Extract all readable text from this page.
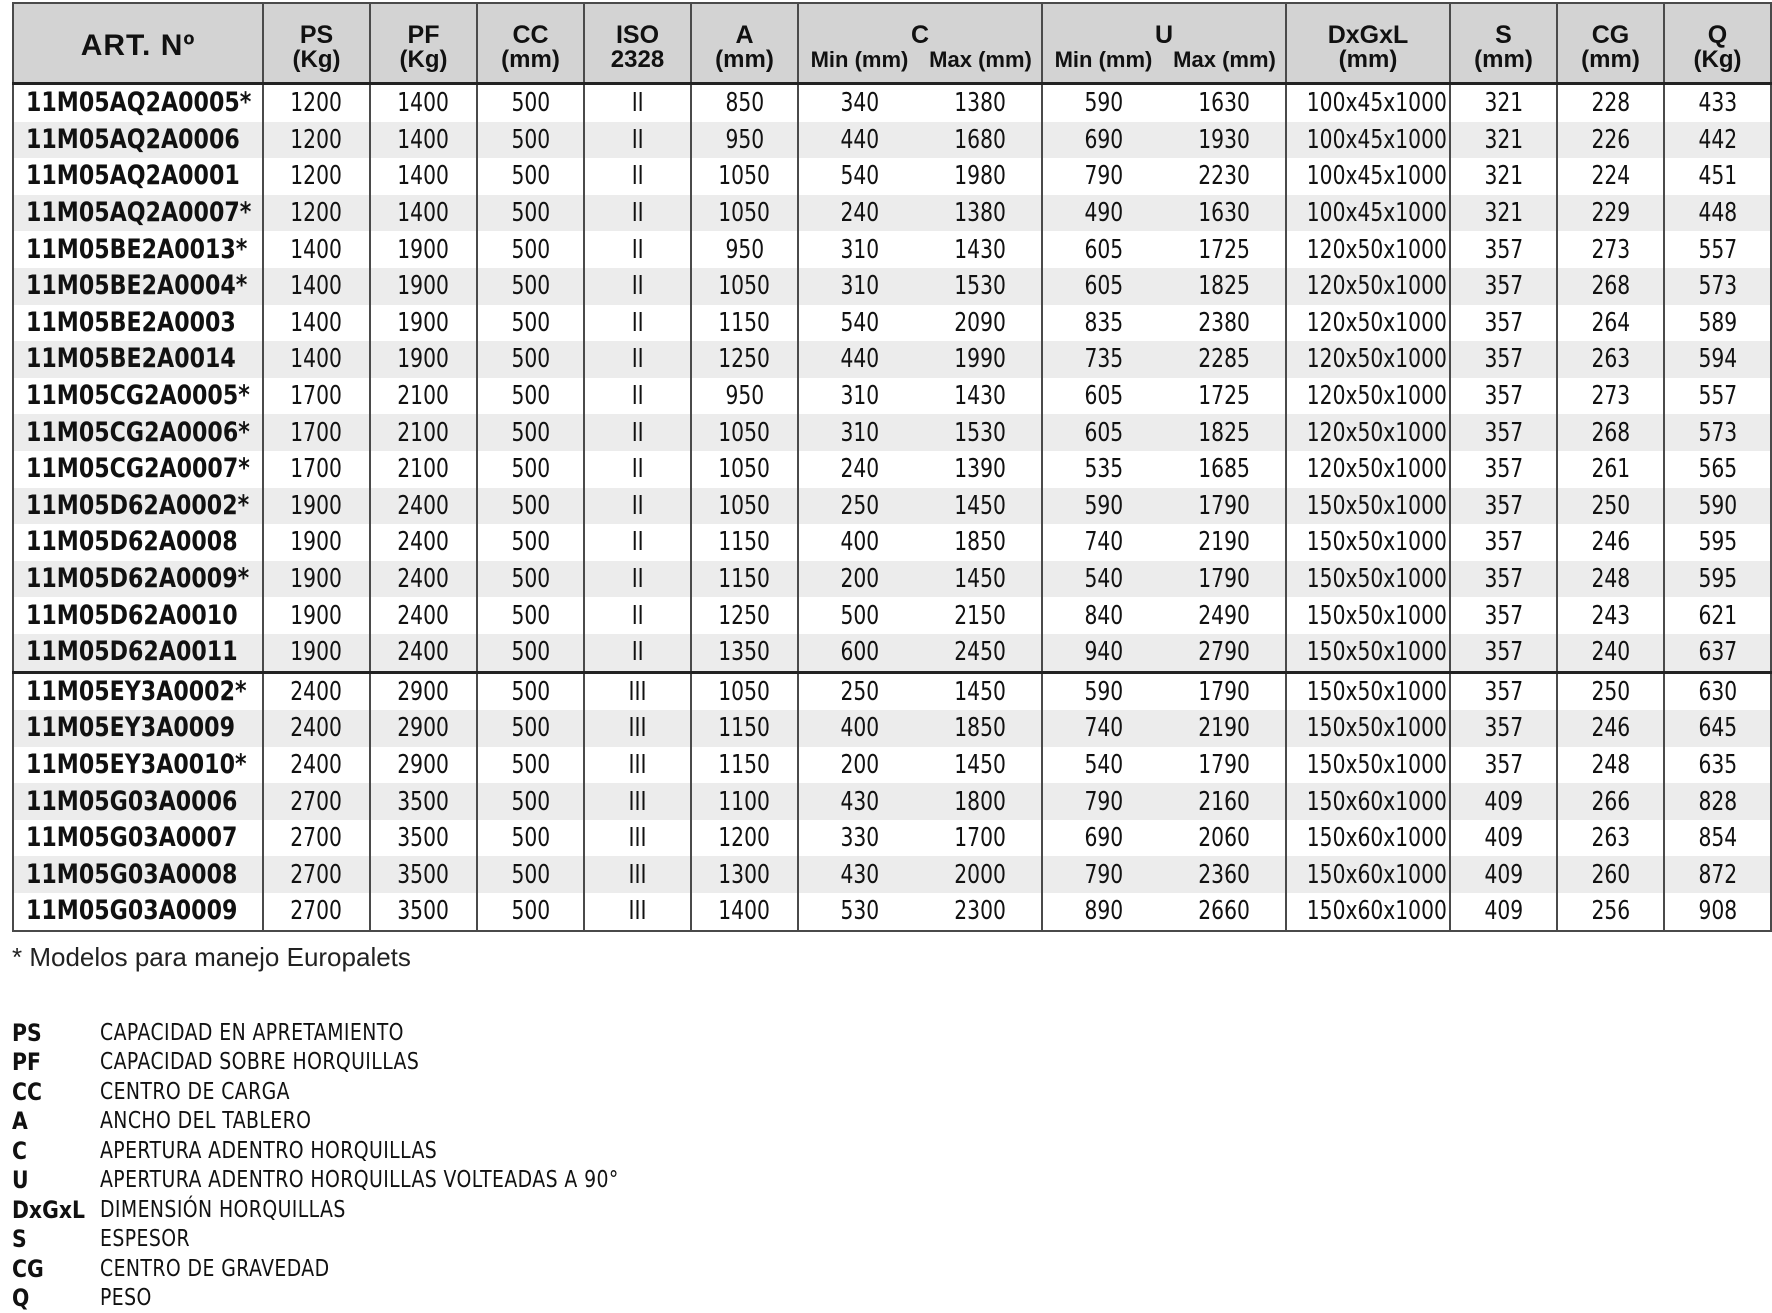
ART. Nº	PS	PF	CC	ISO	A	C		U		DxGxL	S	CG	Q
	(Kg)	(Kg)	(mm)	2328	(mm)	Min (mm)	Max (mm)	Min (mm)	Max (mm)	(mm)	(mm)	(mm)	(Kg)
11M05AQ2A0005*	1200	1400	500	II	850	340	1380	590	1630	100x45x1000	321	228	433
11M05AQ2A0006	1200	1400	500	II	950	440	1680	690	1930	100x45x1000	321	226	442
11M05AQ2A0001	1200	1400	500	II	1050	540	1980	790	2230	100x45x1000	321	224	451
11M05AQ2A0007*	1200	1400	500	II	1050	240	1380	490	1630	100x45x1000	321	229	448
11M05BE2A0013*	1400	1900	500	II	950	310	1430	605	1725	120x50x1000	357	273	557
11M05BE2A0004*	1400	1900	500	II	1050	310	1530	605	1825	120x50x1000	357	268	573
11M05BE2A0003	1400	1900	500	II	1150	540	2090	835	2380	120x50x1000	357	264	589
11M05BE2A0014	1400	1900	500	II	1250	440	1990	735	2285	120x50x1000	357	263	594
11M05CG2A0005*	1700	2100	500	II	950	310	1430	605	1725	120x50x1000	357	273	557
11M05CG2A0006*	1700	2100	500	II	1050	310	1530	605	1825	120x50x1000	357	268	573
11M05CG2A0007*	1700	2100	500	II	1050	240	1390	535	1685	120x50x1000	357	261	565
11M05D62A0002*	1900	2400	500	II	1050	250	1450	590	1790	150x50x1000	357	250	590
11M05D62A0008	1900	2400	500	II	1150	400	1850	740	2190	150x50x1000	357	246	595
11M05D62A0009*	1900	2400	500	II	1150	200	1450	540	1790	150x50x1000	357	248	595
11M05D62A0010	1900	2400	500	II	1250	500	2150	840	2490	150x50x1000	357	243	621
11M05D62A0011	1900	2400	500	II	1350	600	2450	940	2790	150x50x1000	357	240	637
11M05EY3A0002*	2400	2900	500	III	1050	250	1450	590	1790	150x50x1000	357	250	630
11M05EY3A0009	2400	2900	500	III	1150	400	1850	740	2190	150x50x1000	357	246	645
11M05EY3A0010*	2400	2900	500	III	1150	200	1450	540	1790	150x50x1000	357	248	635
11M05G03A0006	2700	3500	500	III	1100	430	1800	790	2160	150x60x1000	409	266	828
11M05G03A0007	2700	3500	500	III	1200	330	1700	690	2060	150x60x1000	409	263	854
11M05G03A0008	2700	3500	500	III	1300	430	2000	790	2360	150x60x1000	409	260	872
11M05G03A0009	2700	3500	500	III	1400	530	2300	890	2660	150x60x1000	409	256	908
* Modelos para manejo Europalets
PS	CAPACIDAD EN APRETAMIENTO
PF	CAPACIDAD SOBRE HORQUILLAS
CC	CENTRO DE CARGA
A	ANCHO DEL TABLERO
C	APERTURA ADENTRO HORQUILLAS
U	APERTURA ADENTRO HORQUILLAS VOLTEADAS A 90°
DxGxL DIMENSIÓN HORQUILLAS
S	ESPESOR
CG	CENTRO DE GRAVEDAD
Q	PESO
